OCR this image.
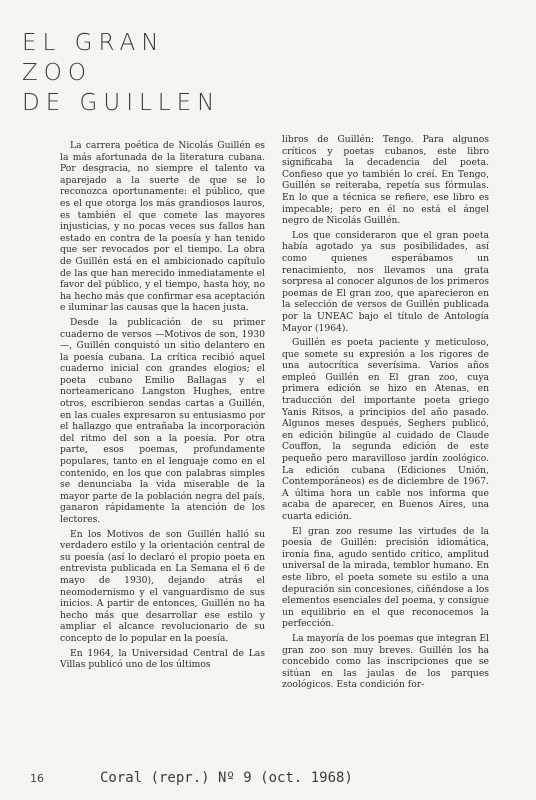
EL GRAN
ZOO
DE GUILLEN

La carrera poética de Nicolás Guillén es la más afortunada de la literatura cubana. Por desgracia, no siempre el talento va aparejado a la suerte de que se lo reconozca oportunamente: el público, que es el que otorga los más grandiosos lauros, es también el que comete las mayores injusticias, y no pocas veces sus fallos han estado en contra de la poesía y han tenido que ser revocados por el tiempo. La obra de Guillén está en el ambicionado capítulo de las que han merecido inmediatamente el favor del público, y el tiempo, hasta hoy, no ha hecho más que confirmar esa aceptación e iluminar las causas que la hacen justa.

Desde la publicación de su primer cuaderno de versos —Motivos de son, 1930—, Guillén conquistó un sitio delantero en la poesía cubana. La crítica recibió aquel cuaderno inicial con grandes elogios; el poeta cubano Emilio Ballagas y el norteamericano Langston Hughes, entre otros, escribieron sendas cartas a Guillén, en las cuales expresaron su entusiasmo por el hallazgo que entrañaba la incorporación del ritmo del son a la poesía. Por otra parte, esos poemas, profundamente populares, tanto en el lenguaje como en el contenido, en los que con palabras simples se denunciaba la vida miserable de la mayor parte de la población negra del país, ganaron rápidamente la atención de los lectores.

En los Motivos de son Guillén halló su verdadero estilo y la orientación central de su poesía (así lo declaró el propio poeta en entrevista publicada en La Semana el 6 de mayo de 1930), dejando atrás el neomodernismo y el vanguardismo de sus inicios. A partir de entonces, Guillén no ha hecho más que desarrollar ese estilo y ampliar el alcance revolucionario de su concepto de lo popular en la poesía.

En 1964, la Universidad Central de Las Villas publicó uno de los últimos

libros de Guillén: Tengo. Para algunos críticos y poetas cubanos, este libro significaba la decadencia del poeta. Confieso que yo también lo creí. En Tengo, Guillén se reiteraba, repetía sus fórmulas. En lo que a técnica se refiere, ese libro es impecable; pero en él no está el ángel negro de Nicolás Guillén.

Los que consideraron que el gran poeta había agotado ya sus posibilidades, así como quienes esperábamos un renacimiento, nos llevamos una grata sorpresa al conocer algunos de los primeros poemas de El gran zoo, que aparecieron en la selección de versos de Guillén publicada por la UNEAC bajo el título de Antología Mayor (1964).

Guillén es poeta paciente y meticuloso, que somete su expresión a los rigores de una autocrítica severísima. Varios años empleó Guillén en El gran zoo, cuya primera edición se hizo en Atenas, en traducción del importante poeta griego Yanis Ritsos, a principios del año pasado. Algunos meses después, Seghers publicó, en edición bilingüe al cuidado de Claude Couffon, la segunda edición de este pequeño pero maravilloso jardín zoológico. La edición cubana (Ediciones Unión, Contemporáneos) es de diciembre de 1967. A última hora un cable nos informa que acaba de aparecer, en Buenos Aires, una cuarta edición.

El gran zoo resume las virtudes de la poesía de Guillén: precisión idiomática, ironía fina, agudo sentido crítico, amplitud universal de la mirada, temblor humano. En este libro, el poeta somete su estilo a una depuración sin concesiones, ciñéndose a los elementos esenciales del poema, y consigue un equilibrio en el que reconocemos la perfección.

La mayoría de los poemas que integran El gran zoo son muy breves. Guillén los ha concebido como las inscripciones que se sitúan en las jaulas de los parques zoológicos. Esta condición for-

16	Coral (repr.) Nº 9 (oct. 1968)
